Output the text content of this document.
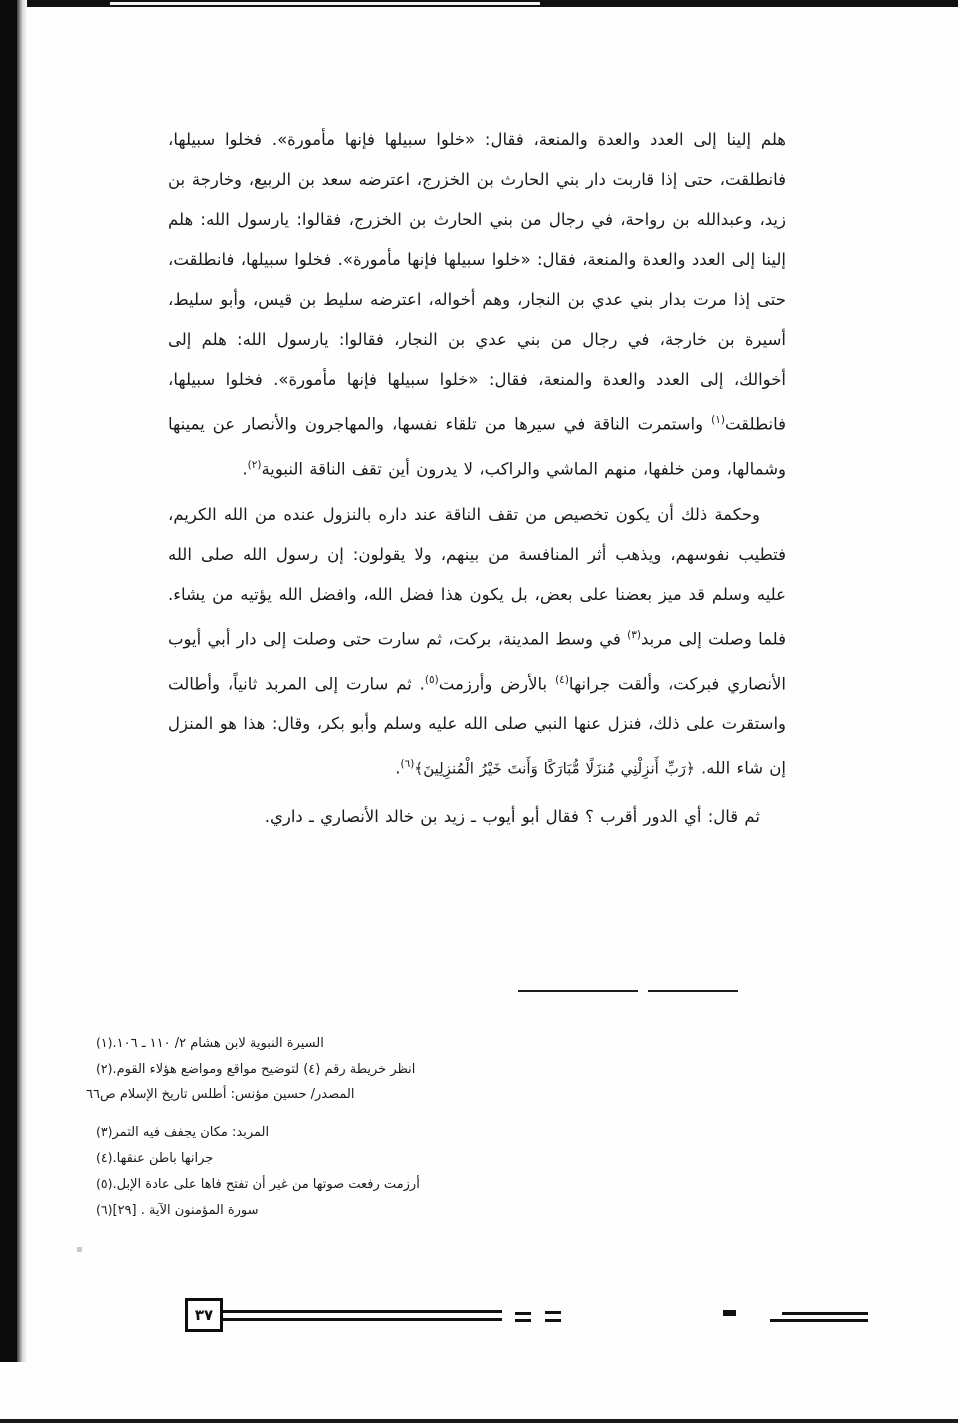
هلم إلينا إلى العدد والعدة والمنعة، فقال: «خلوا سبيلها فإنها مأمورة». فخلوا سبيلها، فانطلقت، حتى إذا قاربت دار بني الحارث بن الخزرج، اعترضه سعد بن الربيع، وخارجة بن زيد، وعبدالله بن رواحة، في رجال من بني الحارث بن الخزرج، فقالوا: يارسول الله: هلم إلينا إلى العدد والعدة والمنعة، فقال: «خلوا سبيلها فإنها مأمورة». فخلوا سبيلها، فانطلقت، حتى إذا مرت بدار بني عدي بن النجار، وهم أخواله، اعترضه سليط بن قيس، وأبو سليط، أسيرة بن خارجة، في رجال من بني عدي بن النجار، فقالوا: يارسول الله: هلم إلى أخوالك، إلى العدد والعدة والمنعة، فقال: «خلوا سبيلها فإنها مأمورة». فخلوا سبيلها، فانطلقت$^{(١)}$ واستمرت الناقة في سيرها من تلقاء نفسها، والمهاجرون والأنصار عن يمينها وشمالها، ومن خلفها، منهم الماشي والراكب، لا يدرون أين تقف الناقة النبوية$^{(٢)}$.

وحكمة ذلك أن يكون تخصيص من تقف الناقة عند داره بالنزول عنده من الله الكريم، فتطيب نفوسهم، ويذهب أثر المنافسة من بينهم، ولا يقولون: إن رسول الله صلى الله عليه وسلم قد ميز بعضنا على بعض، بل يكون هذا فضل الله، وافضل الله يؤتيه من يشاء. فلما وصلت إلى مربد$^{(٣)}$ في وسط المدينة، بركت، ثم سارت حتى وصلت إلى دار أبي أيوب الأنصاري فبركت، وألقت جرانها$^{(٤)}$ بالأرض وأرزمت$^{(٥)}$. ثم سارت إلى المربد ثانياً، وأطالت واستقرت على ذلك، فنزل عنها النبي صلى الله عليه وسلم وأبو بكر، وقال: هذا هو المنزل إن شاء الله. ﴿رَبِّ أَنزِلْنِي مُنزَلًا مُّبَارَكًا وَأَنتَ خَيْرُ الْمُنزِلِينَ﴾$^{(٦)}$.

ثم قال: أي الدور أقرب ؟ فقال أبو أيوب ـ زيد بن خالد الأنصاري ـ داري.

السيرة النبوية لابن هشام ٢/ ١١٠ ـ ١٠٦.
(١)
انظر خريطة رقم (٤) لتوضيح مواقع ومواضع هؤلاء القوم.
(٢)
المصدر/ حسين مؤنس: أطلس تاريخ الإسلام ص٦٦
المربد: مكان يجفف فيه التمر
(٣)
جرانها باطن عنقها.
(٤)
أرزمت رفعت صوتها من غير أن تفتح فاها على عادة الإبل.
(٥)
سورة المؤمنون الآية . [٢٩]
(٦)
٣٧
